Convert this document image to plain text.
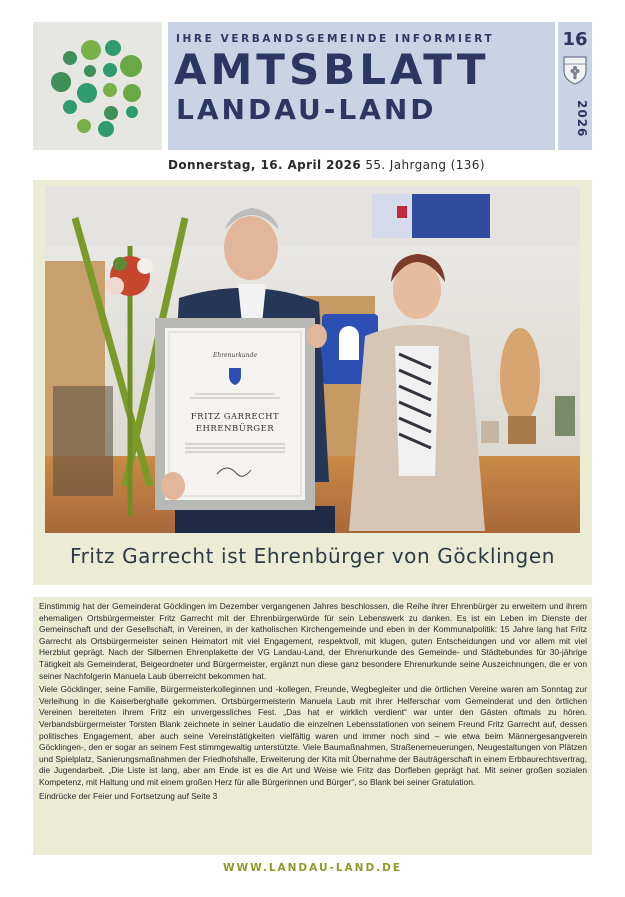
IHRE VERBANDSGEMEINDE INFORMIERT
AMTSBLATT
LANDAU-LAND
16
2026
Donnerstag, 16. April 2026 55. Jahrgang (136)
Ehrenurkunde
FRITZ GARRECHT
EHRENBÜRGER
Fritz Garrecht ist Ehrenbürger von Göcklingen

Einstimmig hat der Gemeinderat Göcklingen im Dezember vergangenen Jahres beschlossen, die Reihe ihrer Ehrenbürger zu erweitern und ihrem ehemaligen Ortsbürgermeister Fritz Garrecht mit der Ehrenbürgerwürde für sein Lebenswerk zu danken. Es ist ein Leben im Dienste der Gemeinschaft und der Gesellschaft, in Vereinen, in der katholischen Kirchengemeinde und eben in der Kommunalpolitik: 15 Jahre lang hat Fritz Garrecht als Ortsbürgermeister seinen Heimatort mit viel Engagement, respektvoll, mit klugen, guten Entscheidungen und vor allem mit viel Herzblut geprägt. Nach der Silbernen Ehrenplakette der VG Landau-Land, der Ehrenurkunde des Gemeinde- und Städtebundes für 30-jährige Tätigkeit als Gemeinderat, Beigeordneter und Bürgermeister, ergänzt nun diese ganz besondere Ehrenurkunde seine Auszeichnungen, die er von seiner Nachfolgerin Manuela Laub überreicht bekommen hat.

Viele Göcklinger, seine Familie, Bürgermeisterkolleginnen und -kollegen, Freunde, Wegbegleiter und die örtlichen Vereine waren am Sonntag zur Verleihung in die Kaiserberghalle gekommen. Ortsbürgermeisterin Manuela Laub mit ihrer Helferschar vom Gemeinderat und den örtlichen Vereinen bereiteten ihrem Fritz ein unvergessliches Fest. „Das hat er wirklich verdient“ war unter den Gästen oftmals zu hören. Verbandsbürgermeister Torsten Blank zeichnete in seiner Laudatio die einzelnen Lebensstationen von seinem Freund Fritz Garrecht auf, dessen politisches Engagement, aber auch seine Vereinstätigkeiten vielfältig waren und immer noch sind – wie etwa beim Männergesangverein Göcklingen-, den er sogar an seinem Fest stimmgewaltig unterstützte. Viele Baumaßnahmen, Straßenerneuerungen, Neugestaltungen von Plätzen und Spielplatz, Sanierungsmaßnahmen der Friedhofshalle, Erweiterung der Kita mit Übernahme der Bauträgerschaft in einem Erbbaurechtsvertrag, die Jugendarbeit. „Die Liste ist lang, aber am Ende ist es die Art und Weise wie Fritz das Dorfleben geprägt hat. Mit seiner großen sozialen Kompetenz, mit Haltung und mit einem großen Herz für alle Bürgerinnen und Bürger“, so Blank bei seiner Gratulation.

Eindrücke der Feier und Fortsetzung auf Seite 3

WWW.LANDAU-LAND.DE
